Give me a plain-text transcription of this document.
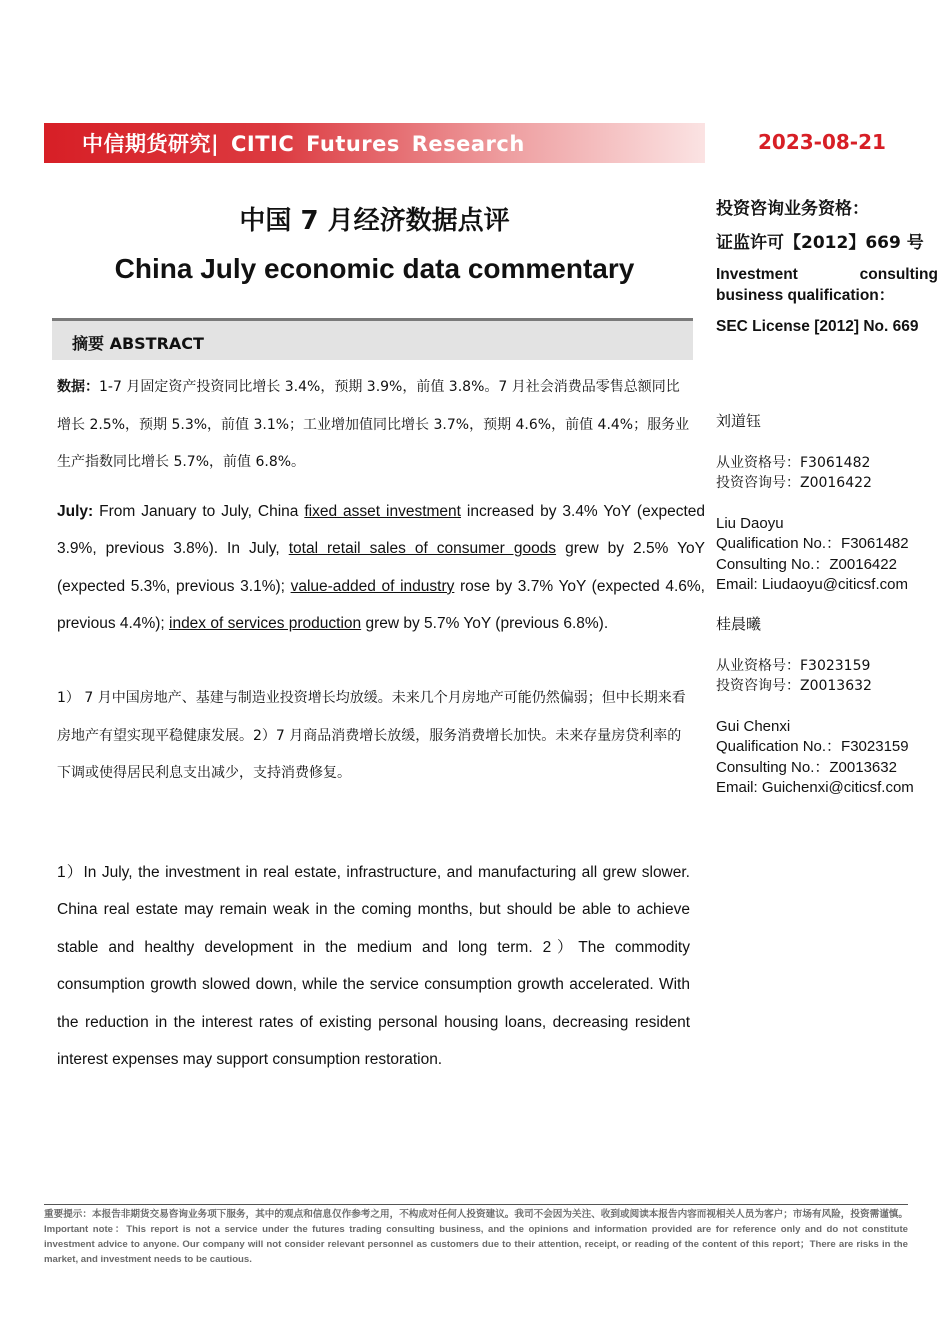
中信期货研究| CITIC Futures Research	2023-08-21
中国 7 月经济数据点评
China July economic data commentary
摘要 ABSTRACT

数据：1-7 月固定资产投资同比增长 3.4%，预期 3.9%，前值 3.8%。7 月社会消费品零售总额同比增长 2.5%，预期 5.3%，前值 3.1%；工业增加值同比增长 3.7%，预期 4.6%，前值 4.4%；服务业生产指数同比增长 5.7%，前值 6.8%。

July: From January to July, China fixed asset investment increased by 3.4% YoY (expected 3.9%, previous 3.8%). In July, total retail sales of consumer goods grew by 2.5% YoY (expected 5.3%, previous 3.1%); value-added of industry rose by 3.7% YoY (expected 4.6%, previous 4.4%); index of services production grew by 5.7% YoY (previous 6.8%).

1） 7 月中国房地产、基建与制造业投资增长均放缓。未来几个月房地产可能仍然偏弱；但中长期来看房地产有望实现平稳健康发展。2）7 月商品消费增长放缓，服务消费增长加快。未来存量房贷利率的下调或使得居民利息支出减少，支持消费修复。

1）In July, the investment in real estate, infrastructure, and manufacturing all grew slower. China real estate may remain weak in the coming months, but should be able to achieve stable and healthy development in the medium and long term. 2）The commodity consumption growth slowed down, while the service consumption growth accelerated. With the reduction in the interest rates of existing personal housing loans, decreasing resident interest expenses may support consumption restoration.

投资咨询业务资格：
证监许可【2012】669 号
Investment	consulting
business qualification：
SEC License [2012] No. 669
刘道钰
从业资格号：F3061482
投资咨询号：Z0016422
Liu Daoyu
Qualification No.：F3061482
Consulting No.：Z0016422
Email: Liudaoyu@citicsf.com
桂晨曦
从业资格号：F3023159
投资咨询号：Z0013632
Gui Chenxi
Qualification No.：F3023159
Consulting No.：Z0013632
Email: Guichenxi@citicsf.com
重要提示：本报告非期货交易咨询业务项下服务，其中的观点和信息仅作参考之用，不构成对任何人投资建议。我司不会因为关注、收到或阅读本报告内容而视相关人员为客户；市场有风险，投资需谨慎。Important note：This report is not a service under the futures trading consulting business, and the opinions and information provided are for reference only and do not constitute investment advice to anyone. Our company will not consider relevant personnel as customers due to their attention, receipt, or reading of the content of this report；There are risks in the market, and investment needs to be cautious.
